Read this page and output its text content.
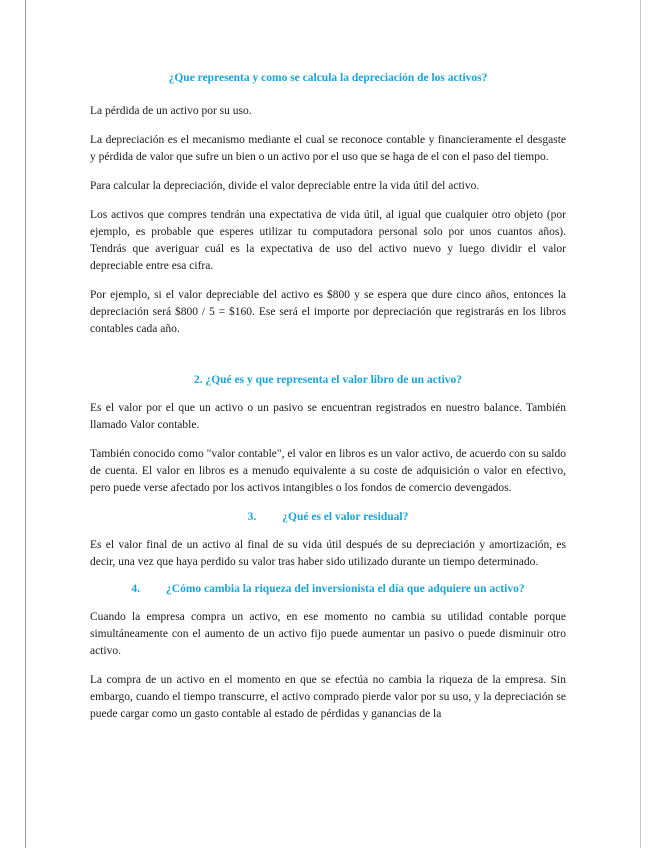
¿Que representa y como se calcula la depreciación de los activos?

La pérdida de un activo por su uso.

La depreciación es el mecanismo mediante el cual se reconoce contable y financieramente el desgaste y pérdida de valor que sufre un bien o un activo por el uso que se haga de el con el paso del tiempo.

Para calcular la depreciación, divide el valor depreciable entre la vida útil del activo.

Los activos que compres tendrán una expectativa de vida útil, al igual que cualquier otro objeto (por ejemplo, es probable que esperes utilizar tu computadora personal solo por unos cuantos años). Tendrás que averiguar cuál es la expectativa de uso del activo nuevo y luego dividir el valor depreciable entre esa cifra.

Por ejemplo, si el valor depreciable del activo es $800 y se espera que dure cinco años, entonces la depreciación será $800 / 5 = $160. Ese será el importe por depreciación que registrarás en los libros contables cada año.

2. ¿Qué es y que representa el valor libro de un activo?

Es el valor por el que un activo o un pasivo se encuentran registrados en nuestro balance. También llamado Valor contable.

También conocido como "valor contable", el valor en libros es un valor activo, de acuerdo con su saldo de cuenta. El valor en libros es a menudo equivalente a su coste de adquisición o valor en efectivo, pero puede verse afectado por los activos intangibles o los fondos de comercio devengados.

3. ¿Qué es el valor residual?

Es el valor final de un activo al final de su vida útil después de su depreciación y amortización, es decir, una vez que haya perdido su valor tras haber sido utilizado durante un tiempo determinado.

4. ¿Cómo cambia la riqueza del inversionista el día que adquiere un activo?

Cuando la empresa compra un activo, en ese momento no cambia su utilidad contable porque simultáneamente con el aumento de un activo fijo puede aumentar un pasivo o puede disminuir otro activo.

La compra de un activo en el momento en que se efectúa no cambia la riqueza de la empresa. Sin embargo, cuando el tiempo transcurre, el activo comprado pierde valor por su uso, y la depreciación se puede cargar como un gasto contable al estado de pérdidas y ganancias de la
